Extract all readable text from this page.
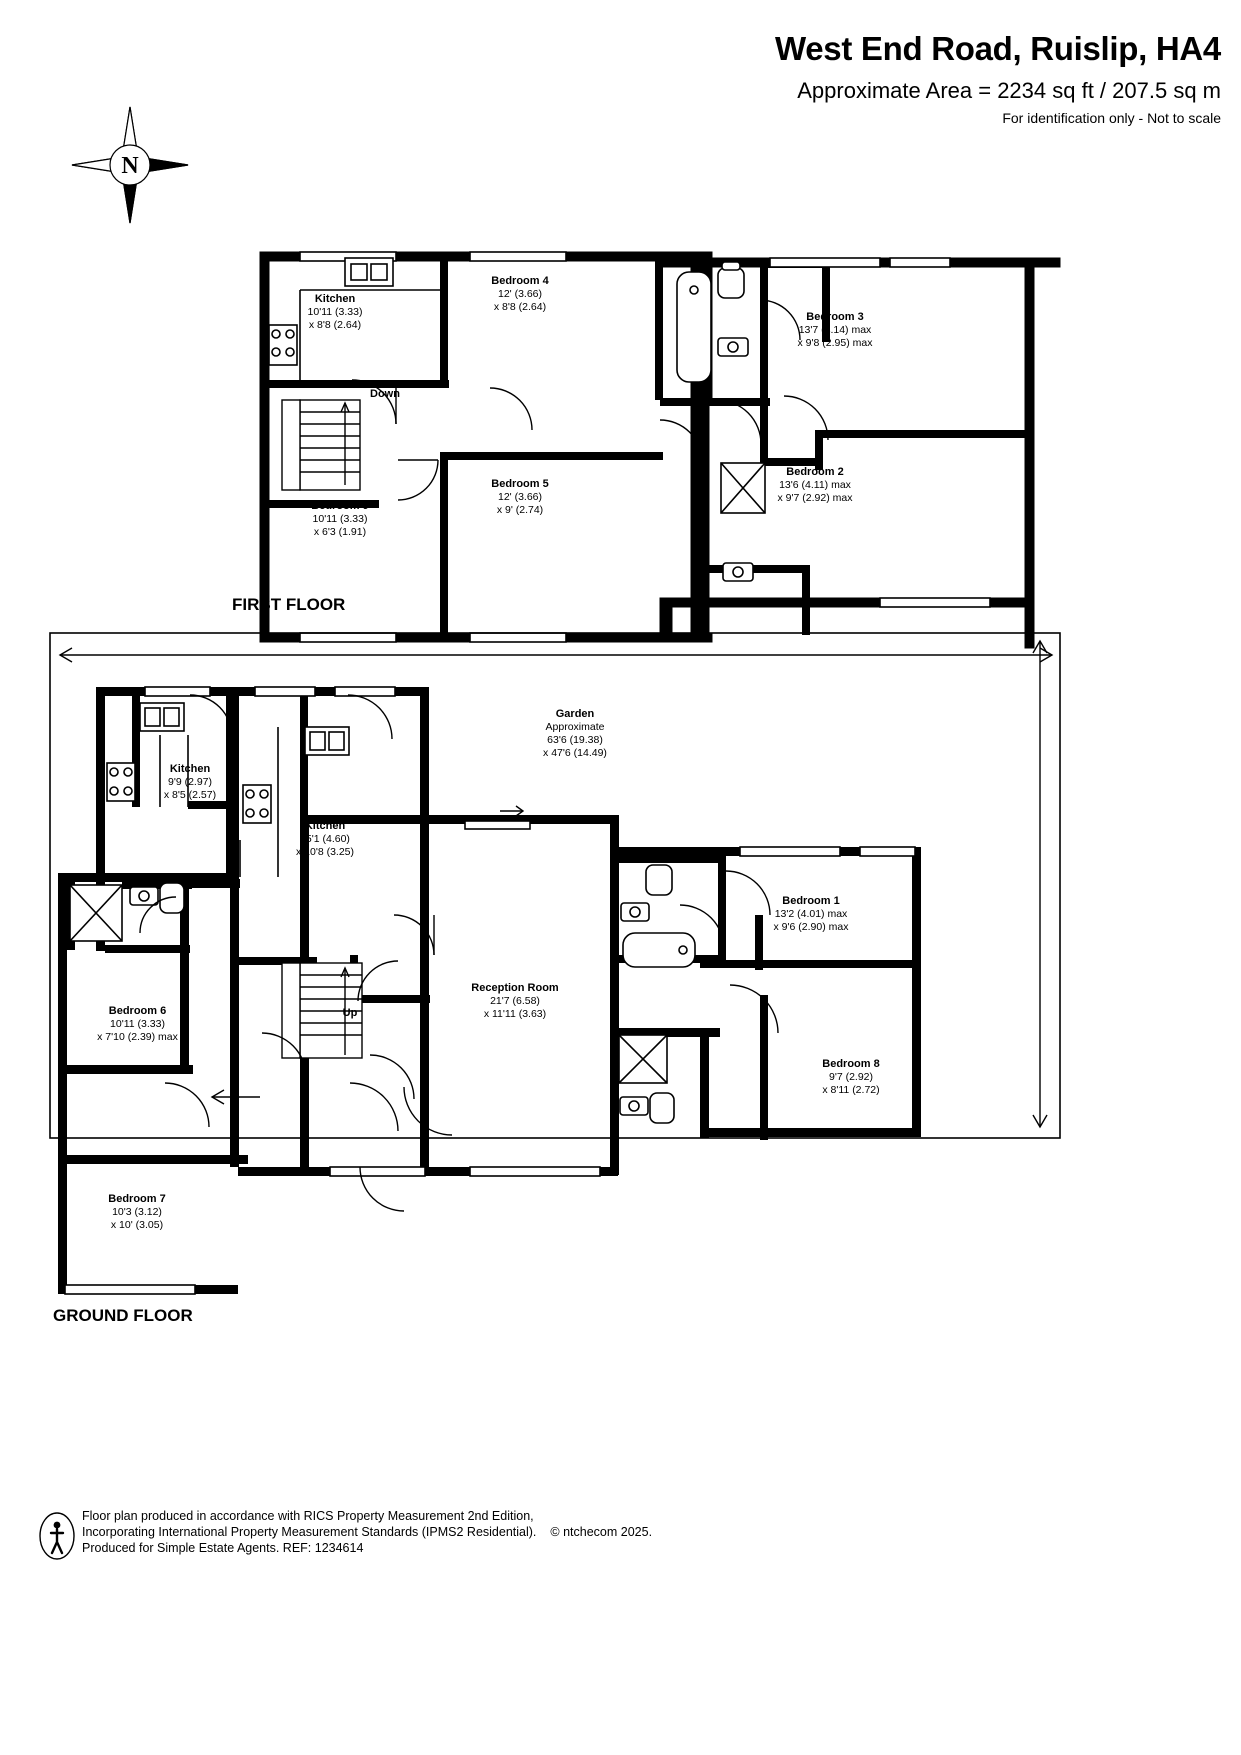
West End Road, Ruislip, HA4
Approximate Area = 2234 sq ft / 207.5 sq m
For identification only - Not to scale
N
Kitchen
10'11 (3.33)
x 8'8 (2.64)
Bedroom 4
12' (3.66)
x 8'8 (2.64)
Bedroom 3
13'7 (4.14) max
x 9'8 (2.95) max
Bedroom 5
12' (3.66)
x 9' (2.74)
Bedroom 2
13'6 (4.11) max
x 9'7 (2.92) max
Bedroom 9
10'11 (3.33)
x 6'3 (1.91)
Down
FIRST FLOOR
Kitchen
9'9 (2.97)
x 8'5 (2.57)
Kitchen
15'1 (4.60)
x 10'8 (3.25)
Bedroom 6
10'11 (3.33)
x 7'10 (2.39) max
Bedroom 7
10'3 (3.12)
x 10' (3.05)
Reception Room
21'7 (6.58)
x 11'11 (3.63)
Bedroom 1
13'2 (4.01) max
x 9'6 (2.90) max
Bedroom 8
9'7 (2.92)
x 8'11 (2.72)
Garden
Approximate
63'6 (19.38)
x 47'6 (14.49)
Up
GROUND FLOOR
Floor plan produced in accordance with RICS Property Measurement 2nd Edition,
Incorporating International Property Measurement Standards (IPMS2 Residential). © ntchecom 2025.
Produced for Simple Estate Agents. REF: 1234614
